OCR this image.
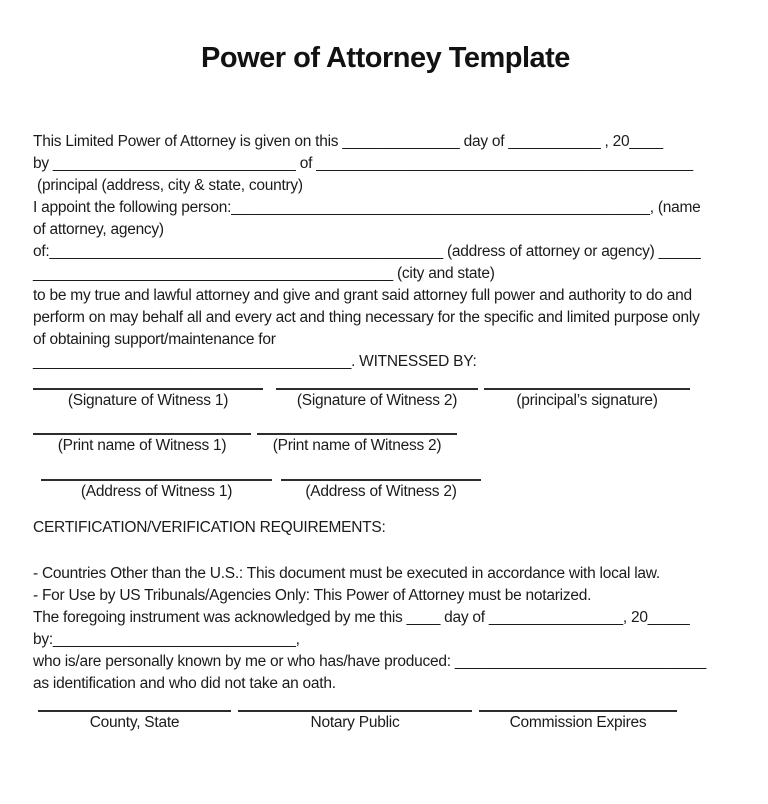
Power of Attorney Template
This Limited Power of Attorney is given on this ______________ day of ___________ , 20____
by _____________________________ of _____________________________________________
(principal (address, city & state, country)
I appoint the following person:__________________________________________________, (name
of attorney, agency)
of:_______________________________________________ (address of attorney or agency) _____
___________________________________________ (city and state)
to be my true and lawful attorney and give and grant said attorney full power and authority to do and
perform on may behalf all and every act and thing necessary for the specific and limited purpose only
of obtaining support/maintenance for
______________________________________. WITNESSED BY:
(Signature of Witness 1)	(Signature of Witness 2)	(principal’s signature)
(Print name of Witness 1)	(Print name of Witness 2)
(Address of Witness 1)	(Address of Witness 2)
CERTIFICATION/VERIFICATION REQUIREMENTS:
- Countries Other than the U.S.: This document must be executed in accordance with local law.
- For Use by US Tribunals/Agencies Only: This Power of Attorney must be notarized.
The foregoing instrument was acknowledged by me this ____ day of ________________, 20_____
by:_____________________________,
who is/are personally known by me or who has/have produced: ______________________________
as identification and who did not take an oath.
County, State	Notary Public	Commission Expires
